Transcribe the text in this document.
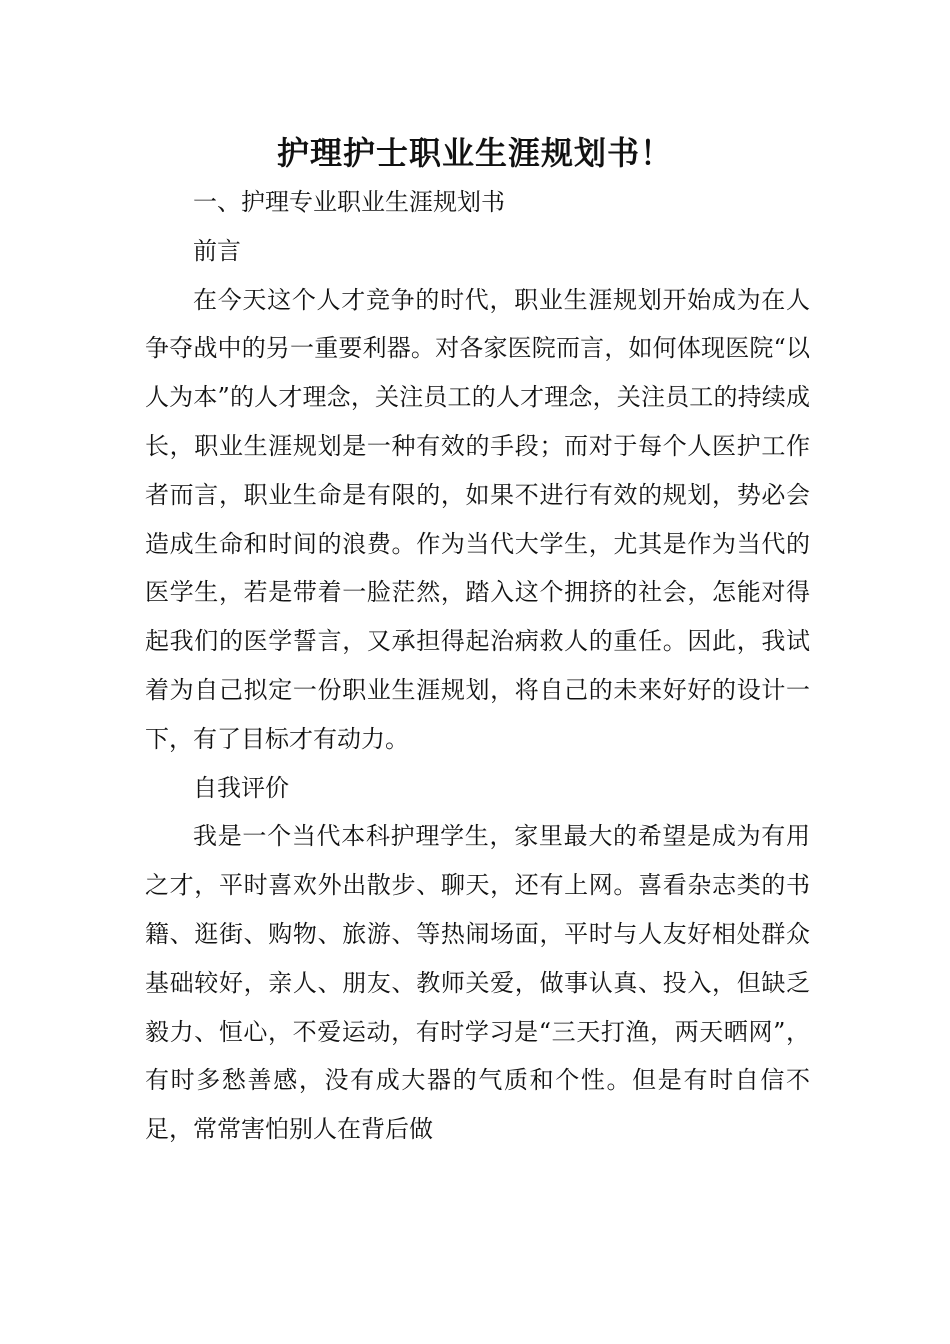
护理护士职业生涯规划书！

一、护理专业职业生涯规划书

前言

在今天这个人才竞争的时代，职业生涯规划开始成为在人争夺战中的另一重要利器。对各家医院而言，如何体现医院“以人为本”的人才理念，关注员工的人才理念，关注员工的持续成长，职业生涯规划是一种有效的手段；而对于每个人医护工作者而言，职业生命是有限的，如果不进行有效的规划，势必会造成生命和时间的浪费。作为当代大学生，尤其是作为当代的医学生，若是带着一脸茫然，踏入这个拥挤的社会，怎能对得起我们的医学誓言，又承担得起治病救人的重任。因此，我试着为自己拟定一份职业生涯规划，将自己的未来好好的设计一下，有了目标才有动力。

自我评价

我是一个当代本科护理学生，家里最大的希望是成为有用之才，平时喜欢外出散步、聊天，还有上网。喜看杂志类的书籍、逛街、购物、旅游、等热闹场面，平时与人友好相处群众基础较好，亲人、朋友、教师关爱，做事认真、投入，但缺乏毅力、恒心，不爱运动，有时学习是“三天打渔，两天晒网”，有时多愁善感，没有成大器的气质和个性。但是有时自信不足，常常害怕别人在背后做
